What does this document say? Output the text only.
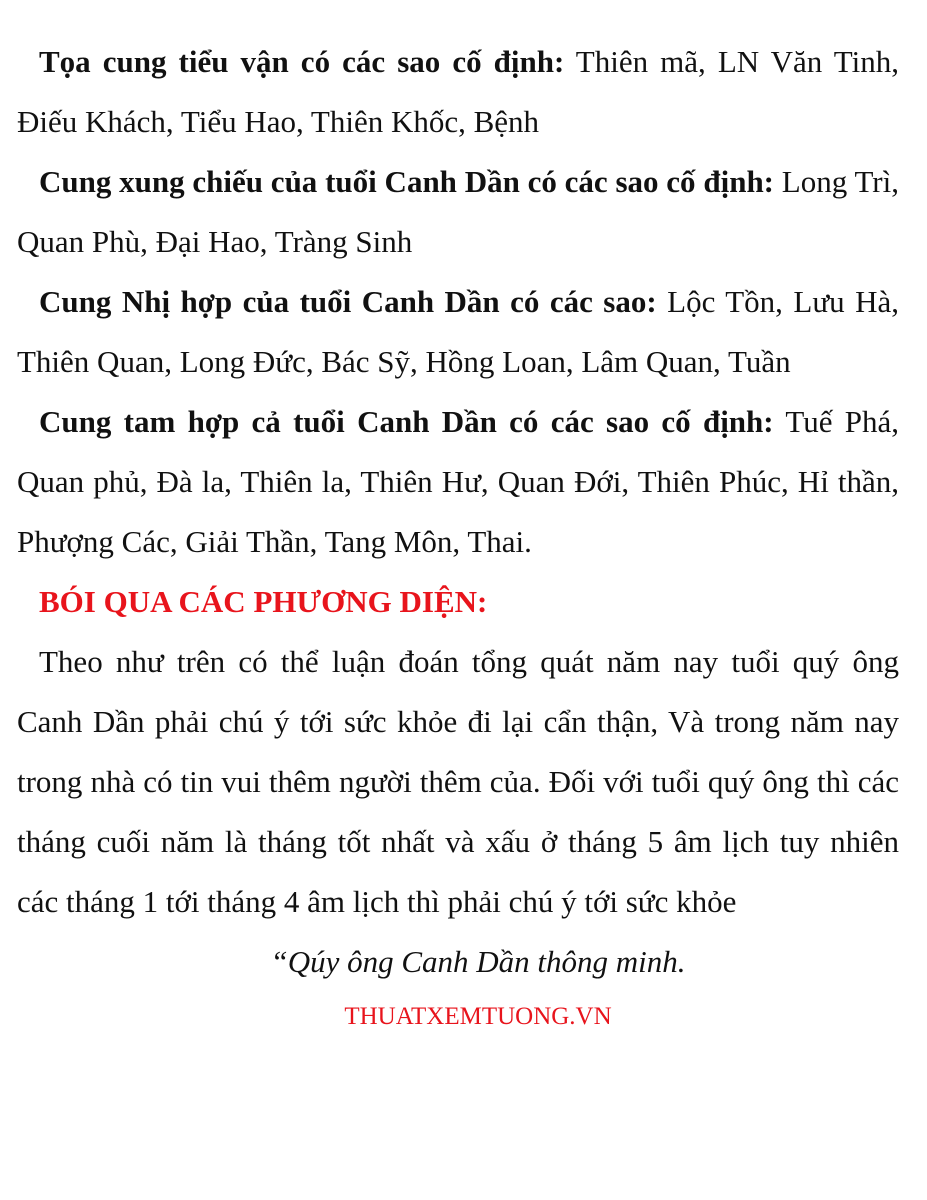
Tọa cung tiểu vận có các sao cố định: Thiên mã, LN Văn Tinh, Điếu Khách, Tiểu Hao, Thiên Khốc, Bệnh

Cung xung chiếu của tuổi Canh Dần có các sao cố định: Long Trì, Quan Phù, Đại Hao, Tràng Sinh

Cung Nhị hợp của tuổi Canh Dần có các sao: Lộc Tồn, Lưu Hà, Thiên Quan, Long Đức, Bác Sỹ, Hồng Loan, Lâm Quan, Tuần

Cung tam hợp cả tuổi Canh Dần có các sao cố định: Tuế Phá, Quan phủ, Đà la, Thiên la, Thiên Hư, Quan Đới, Thiên Phúc, Hỉ thần, Phượng Các, Giải Thần, Tang Môn, Thai.

BÓI QUA CÁC PHƯƠNG DIỆN:

Theo như trên có thể luận đoán tổng quát năm nay tuổi quý ông Canh Dần phải chú ý tới sức khỏe đi lại cẩn thận, Và trong năm nay trong nhà có tin vui thêm người thêm của. Đối với tuổi quý ông thì các tháng cuối năm là tháng tốt nhất và xấu ở tháng 5 âm lịch tuy nhiên các tháng 1 tới tháng 4 âm lịch thì phải chú ý tới sức khỏe

“Qúy ông Canh Dần thông minh.

THUATXEMTUONG.VN
